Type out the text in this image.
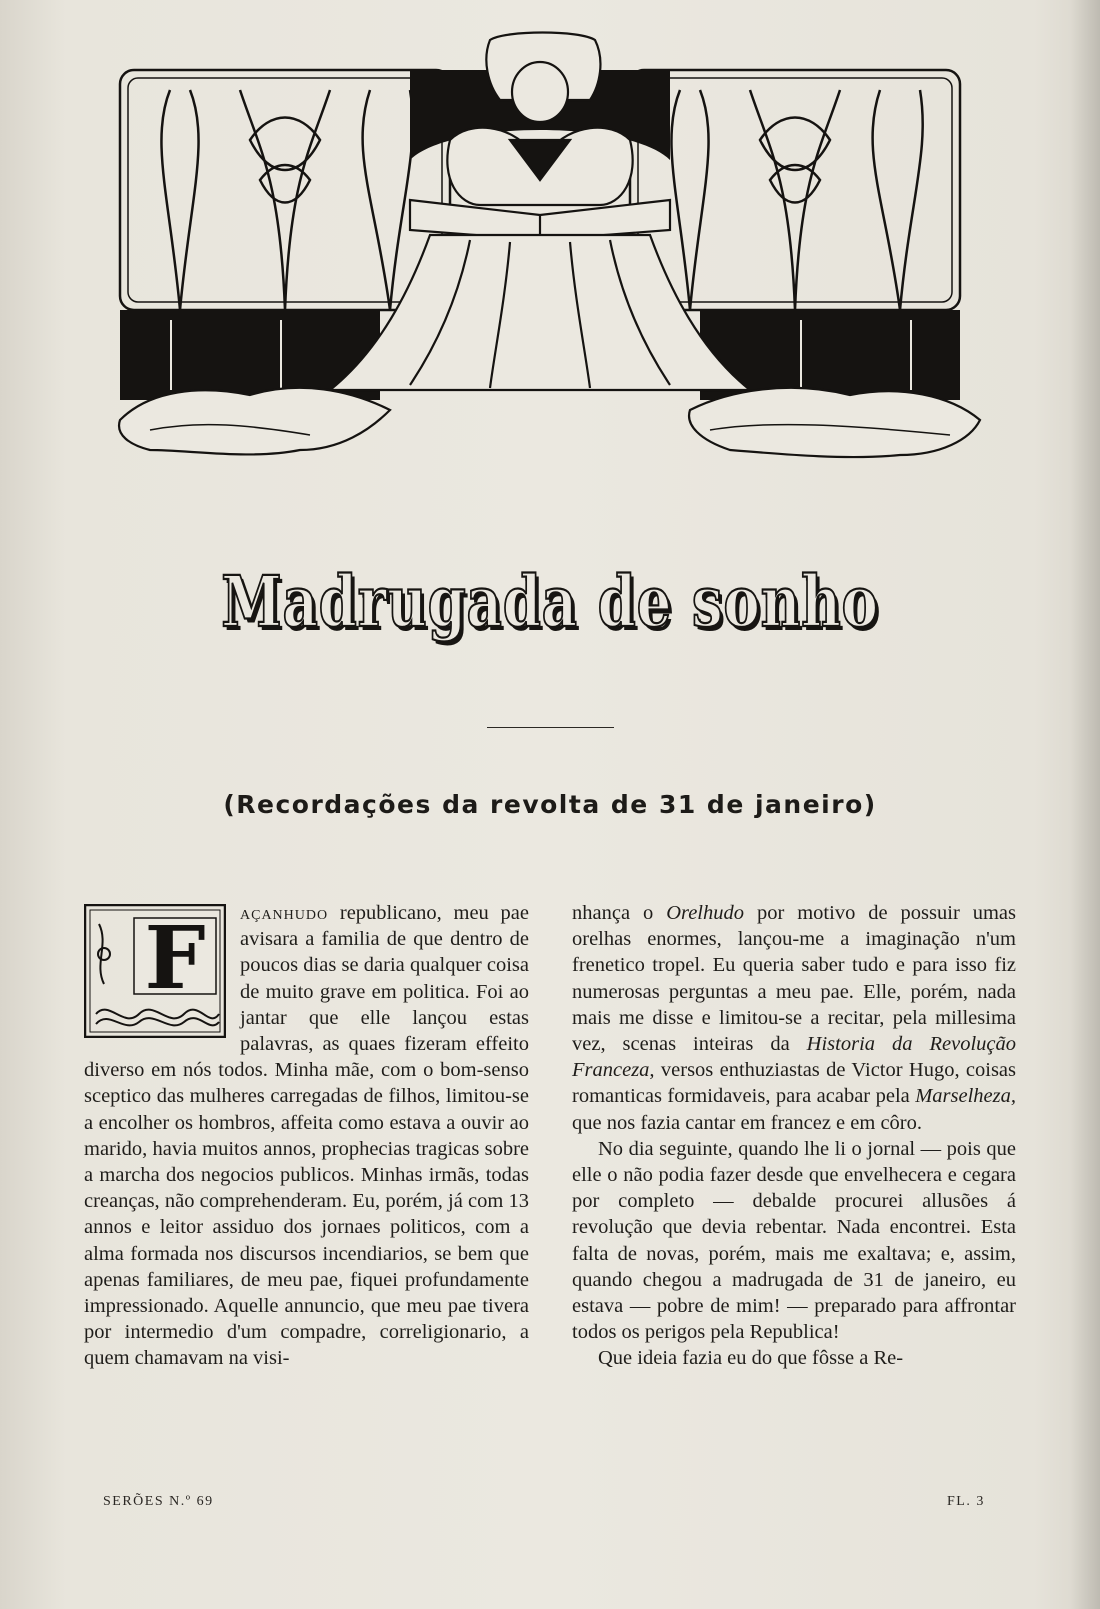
Madrugada de sonho
(Recordações da revolta de 31 de janeiro)
F	açanhudo republicano, meu pae avisara a familia de que dentro de poucos dias se daria qualquer coisa de muito grave em politica. Foi ao jantar que elle lançou estas palavras, as quaes fizeram effeito diverso em nós todos. Minha mãe, com o bom-senso sceptico das mulheres carregadas de filhos, limitou-se a encolher os hombros, affeita como estava a ouvir ao marido, havia muitos annos, prophecias tragicas sobre a marcha dos negocios publicos. Minhas irmãs, todas creanças, não comprehenderam. Eu, porém, já com 13 annos e leitor assiduo dos jornaes politicos, com a alma formada nos discursos incendiarios, se bem que apenas familiares, de meu pae, fiquei profundamente impressionado. Aquelle annuncio, que meu pae tivera por intermedio d'um compadre, correligionario, a quem chamavam na visi-

nhança o Orelhudo por motivo de possuir umas orelhas enormes, lançou-me a imaginação n'um frenetico tropel. Eu queria saber tudo e para isso fiz numerosas perguntas a meu pae. Elle, porém, nada mais me disse e limitou-se a recitar, pela millesima vez, scenas inteiras da Historia da Revolução Franceza, versos enthuziastas de Victor Hugo, coisas romanticas formidaveis, para acabar pela Marselheza, que nos fazia cantar em francez e em côro.

No dia seguinte, quando lhe li o jornal — pois que elle o não podia fazer desde que envelhecera e cegara por completo — debalde procurei allusões á revolução que devia rebentar. Nada encontrei. Esta falta de novas, porém, mais me exaltava; e, assim, quando chegou a madrugada de 31 de janeiro, eu estava — pobre de mim! — preparado para affrontar todos os perigos pela Republica!

Que ideia fazia eu do que fôsse a Re-

SERÕES N.º 69	FL. 3
